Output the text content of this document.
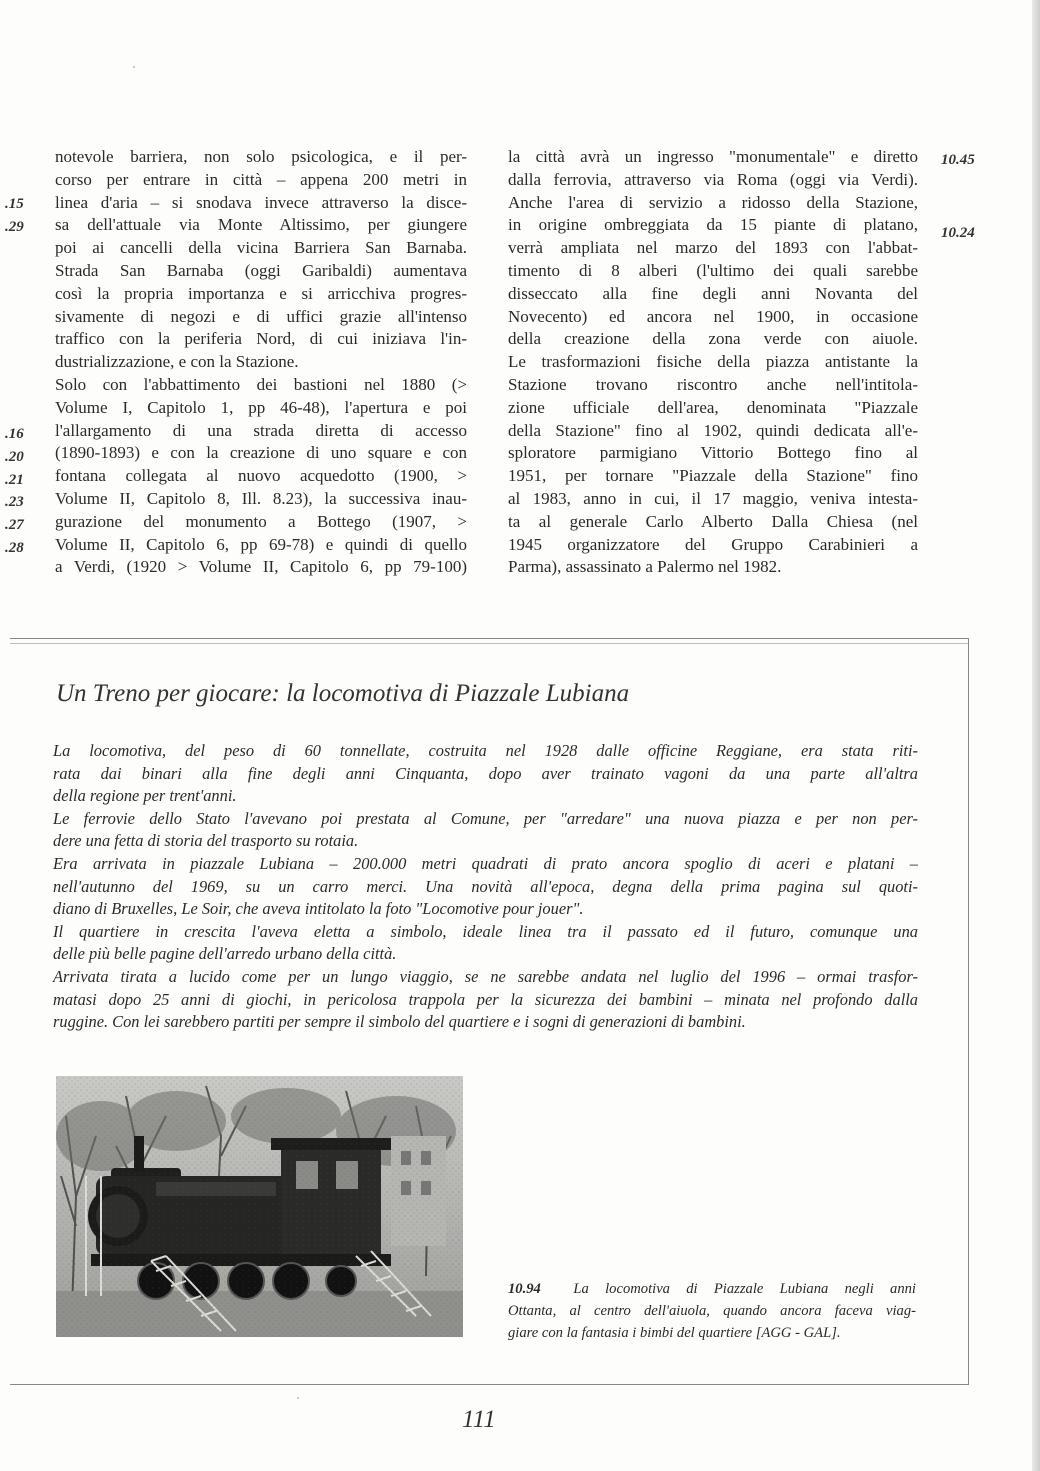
.15
.29
.16
.20
.21
.23
.27
.28
10.45
10.24
notevole barriera, non solo psicologica, e il per-
corso per entrare in città – appena 200 metri in
linea d'aria – si snodava invece attraverso la disce-
sa dell'attuale via Monte Altissimo, per giungere
poi ai cancelli della vicina Barriera San Barnaba.
Strada San Barnaba (oggi Garibaldi) aumentava
così la propria importanza e si arricchiva progres-
sivamente di negozi e di uffici grazie all'intenso
traffico con la periferia Nord, di cui iniziava l'in-
dustrializzazione, e con la Stazione.
Solo con l'abbattimento dei bastioni nel 1880 (>
Volume I, Capitolo 1, pp 46-48), l'apertura e poi
l'allargamento di una strada diretta di accesso
(1890-1893) e con la creazione di uno square e con
fontana collegata al nuovo acquedotto (1900, >
Volume II, Capitolo 8, Ill. 8.23), la successiva inau-
gurazione del monumento a Bottego (1907, >
Volume II, Capitolo 6, pp 69-78) e quindi di quello
a Verdi, (1920 > Volume II, Capitolo 6, pp 79-100)
la città avrà un ingresso "monumentale" e diretto
dalla ferrovia, attraverso via Roma (oggi via Verdi).
Anche l'area di servizio a ridosso della Stazione,
in origine ombreggiata da 15 piante di platano,
verrà ampliata nel marzo del 1893 con l'abbat-
timento di 8 alberi (l'ultimo dei quali sarebbe
disseccato alla fine degli anni Novanta del
Novecento) ed ancora nel 1900, in occasione
della creazione della zona verde con aiuole.
Le trasformazioni fisiche della piazza antistante la
Stazione trovano riscontro anche nell'intitola-
zione ufficiale dell'area, denominata "Piazzale
della Stazione" fino al 1902, quindi dedicata all'e-
sploratore parmigiano Vittorio Bottego fino al
1951, per tornare "Piazzale della Stazione" fino
al 1983, anno in cui, il 17 maggio, veniva intesta-
ta al generale Carlo Alberto Dalla Chiesa (nel
1945 organizzatore del Gruppo Carabinieri a
Parma), assassinato a Palermo nel 1982.
Un Treno per giocare: la locomotiva di Piazzale Lubiana
La locomotiva, del peso di 60 tonnellate, costruita nel 1928 dalle officine Reggiane, era stata riti-
rata dai binari alla fine degli anni Cinquanta, dopo aver trainato vagoni da una parte all'altra
della regione per trent'anni.
Le ferrovie dello Stato l'avevano poi prestata al Comune, per "arredare" una nuova piazza e per non per-
dere una fetta di storia del trasporto su rotaia.
Era arrivata in piazzale Lubiana – 200.000 metri quadrati di prato ancora spoglio di aceri e platani –
nell'autunno del 1969, su un carro merci. Una novità all'epoca, degna della prima pagina sul quoti-
diano di Bruxelles, Le Soir, che aveva intitolato la foto "Locomotive pour jouer".
Il quartiere in crescita l'aveva eletta a simbolo, ideale linea tra il passato ed il futuro, comunque una
delle più belle pagine dell'arredo urbano della città.
Arrivata tirata a lucido come per un lungo viaggio, se ne sarebbe andata nel luglio del 1996 – ormai trasfor-
matasi dopo 25 anni di giochi, in pericolosa trappola per la sicurezza dei bambini – minata nel profondo dalla
ruggine. Con lei sarebbero partiti per sempre il simbolo del quartiere e i sogni di generazioni di bambini.
10.94 La locomotiva di Piazzale Lubiana negli anni
Ottanta, al centro dell'aiuola, quando ancora faceva viag-
giare con la fantasia i bimbi del quartiere [AGG - GAL].
111
